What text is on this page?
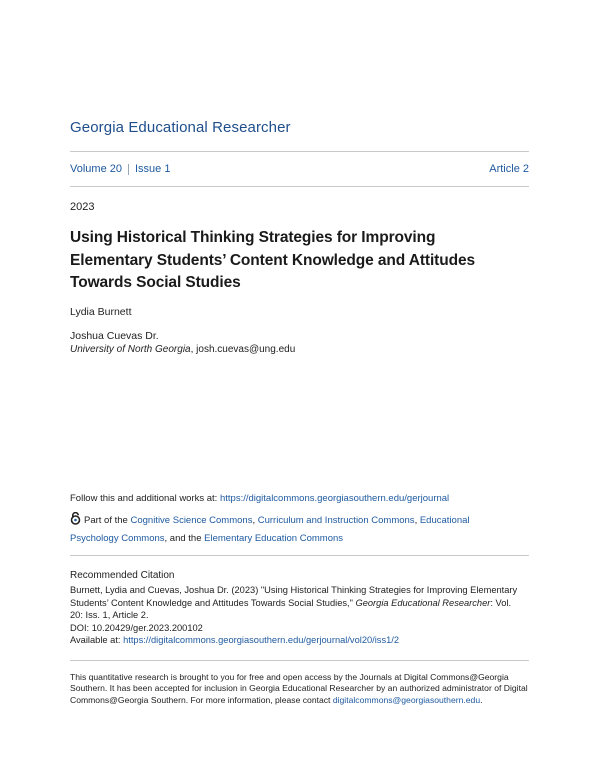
Georgia Educational Researcher
Volume 20 Issue 1	Article 2
2023
Using Historical Thinking Strategies for Improving Elementary Students’ Content Knowledge and Attitudes Towards Social Studies
Lydia Burnett
Joshua Cuevas Dr.
University of North Georgia, josh.cuevas@ung.edu
Follow this and additional works at: https://digitalcommons.georgiasouthern.edu/gerjournal
Part of the Cognitive Science Commons, Curriculum and Instruction Commons, Educational Psychology Commons, and the Elementary Education Commons
Recommended Citation
Burnett, Lydia and Cuevas, Joshua Dr. (2023) "Using Historical Thinking Strategies for Improving Elementary Students’ Content Knowledge and Attitudes Towards Social Studies," Georgia Educational Researcher: Vol. 20: Iss. 1, Article 2.
DOI: 10.20429/ger.2023.200102
Available at: https://digitalcommons.georgiasouthern.edu/gerjournal/vol20/iss1/2
This quantitative research is brought to you for free and open access by the Journals at Digital Commons@Georgia Southern. It has been accepted for inclusion in Georgia Educational Researcher by an authorized administrator of Digital Commons@Georgia Southern. For more information, please contact digitalcommons@georgiasouthern.edu.
